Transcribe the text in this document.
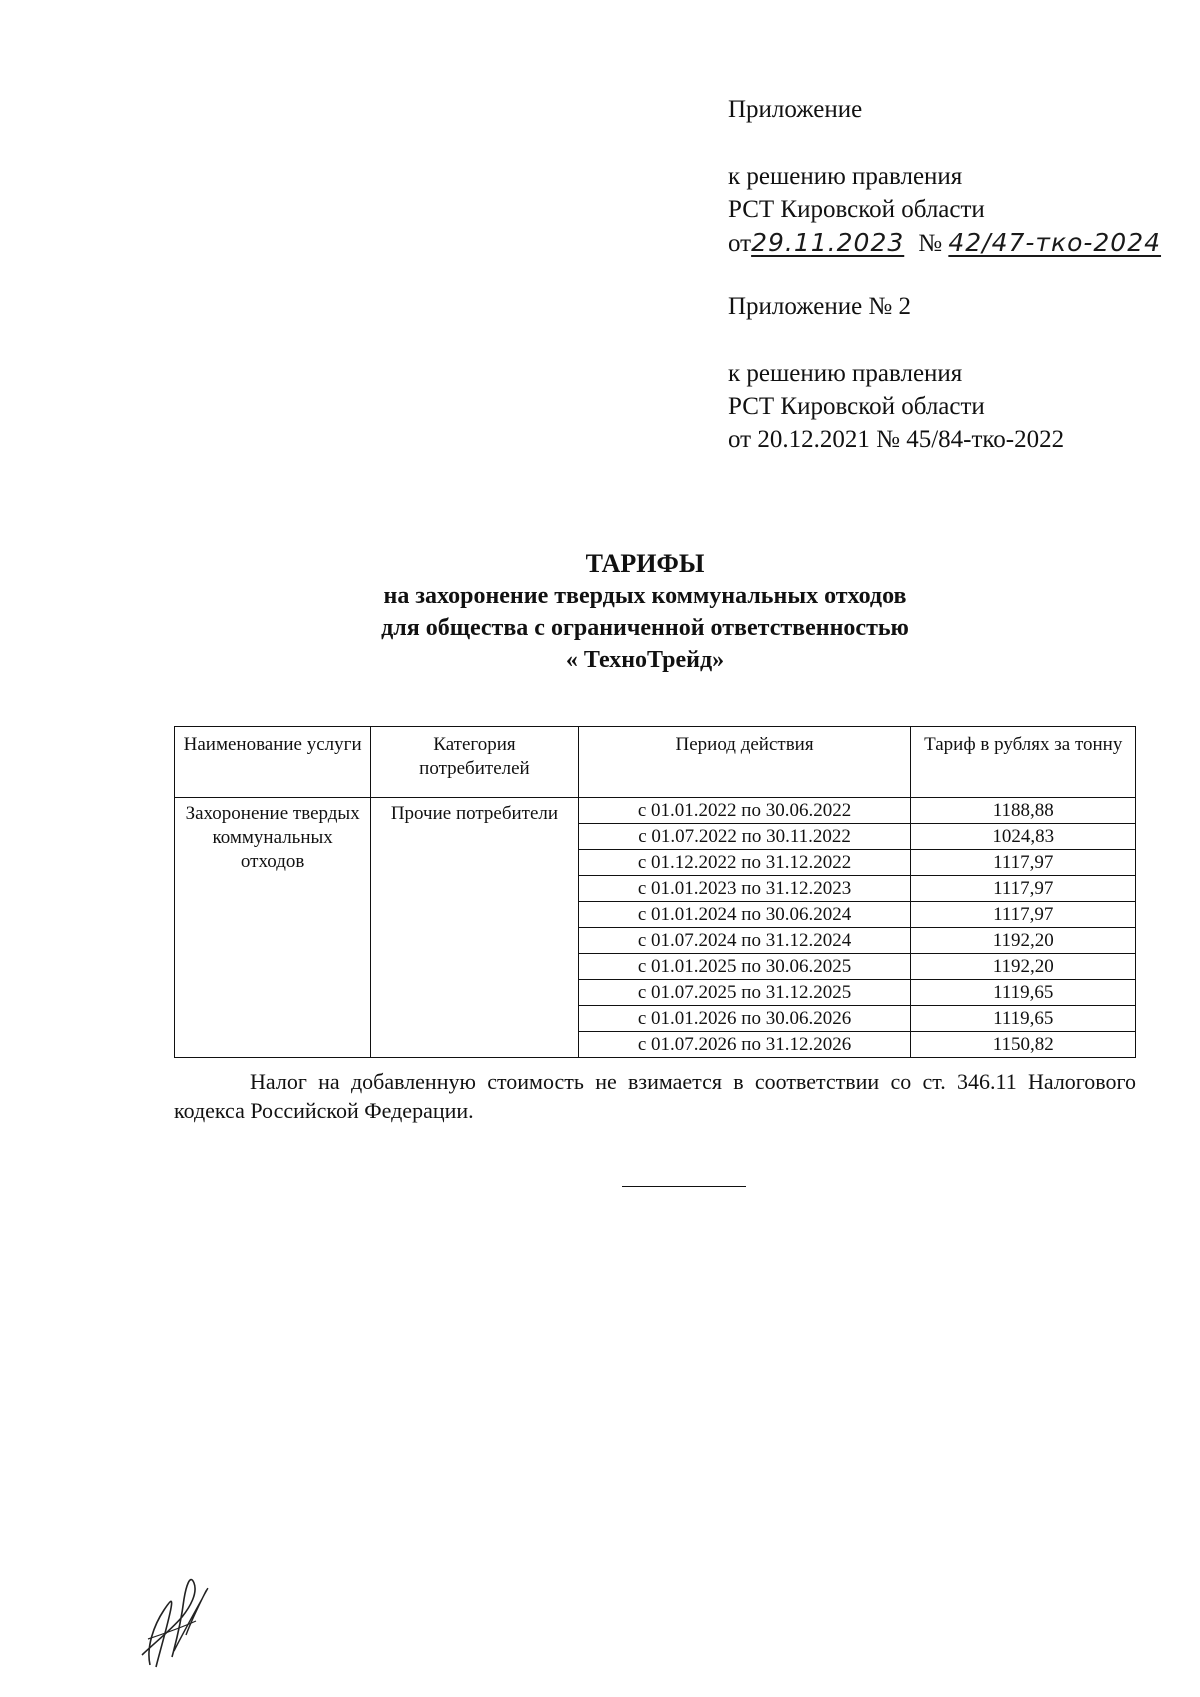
Приложение
к решению правления
РСТ Кировской области
от29.11.2023 № 42/47-тко-2024
Приложение № 2
к решению правления
РСТ Кировской области
от 20.12.2021 № 45/84-тко-2022
ТАРИФЫ
на захоронение твердых коммунальных отходов
для общества с ограниченной ответственностью
« ТехноТрейд»
Наименование услуги	Категория потребителей	Период действия	Тариф в рублях за тонну
Захоронение твердых коммунальных отходов	Прочие потребители	с 01.01.2022 по 30.06.2022	1188,88
		с 01.07.2022 по 30.11.2022	1024,83
		с 01.12.2022 по 31.12.2022	1117,97
		с 01.01.2023 по 31.12.2023	1117,97
		с 01.01.2024 по 30.06.2024	1117,97
		с 01.07.2024 по 31.12.2024	1192,20
		с 01.01.2025 по 30.06.2025	1192,20
		с 01.07.2025 по 31.12.2025	1119,65
		с 01.01.2026 по 30.06.2026	1119,65
		с 01.07.2026 по 31.12.2026	1150,82
Налог на добавленную стоимость не взимается в соответствии со ст. 346.11 Налогового кодекса Российской Федерации.
